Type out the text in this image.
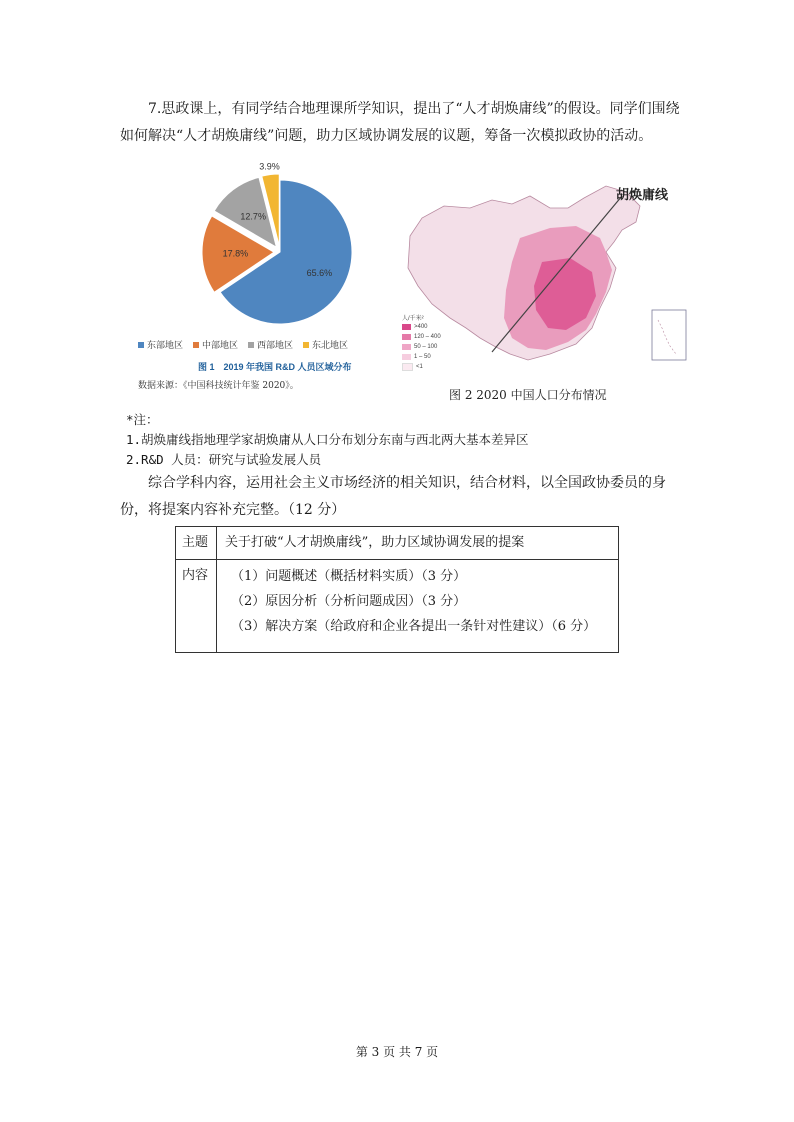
7.思政课上，有同学结合地理课所学知识，提出了“人才胡焕庸线”的假设。同学们围绕如何解决“人才胡焕庸线”问题，助力区域协调发展的议题，筹备一次模拟政协的活动。
65.6%
17.8%
12.7%
3.9%
东部地区 中部地区 西部地区 东北地区
图 1　2019 年我国 R&D 人员区域分布
数据来源：《中国科技统计年鉴 2020》。
胡焕庸线
人/千米²
>400
120 – 400
50 – 100
1 – 50
<1
图 2 2020 中国人口分布情况
*注：
1.胡焕庸线指地理学家胡焕庸从人口分布划分东南与西北两大基本差异区
2.R&D 人员：研究与试验发展人员
综合学科内容，运用社会主义市场经济的相关知识，结合材料，以全国政协委员的身份，将提案内容补充完整。（12 分）
主题	关于打破“人才胡焕庸线”，助力区域协调发展的提案
内容	（1）问题概述（概括材料实质）（3 分）
（2）原因分析（分析问题成因）（3 分）
（3）解决方案（给政府和企业各提出一条针对性建议）（6 分）
第 3 页 共 7 页
